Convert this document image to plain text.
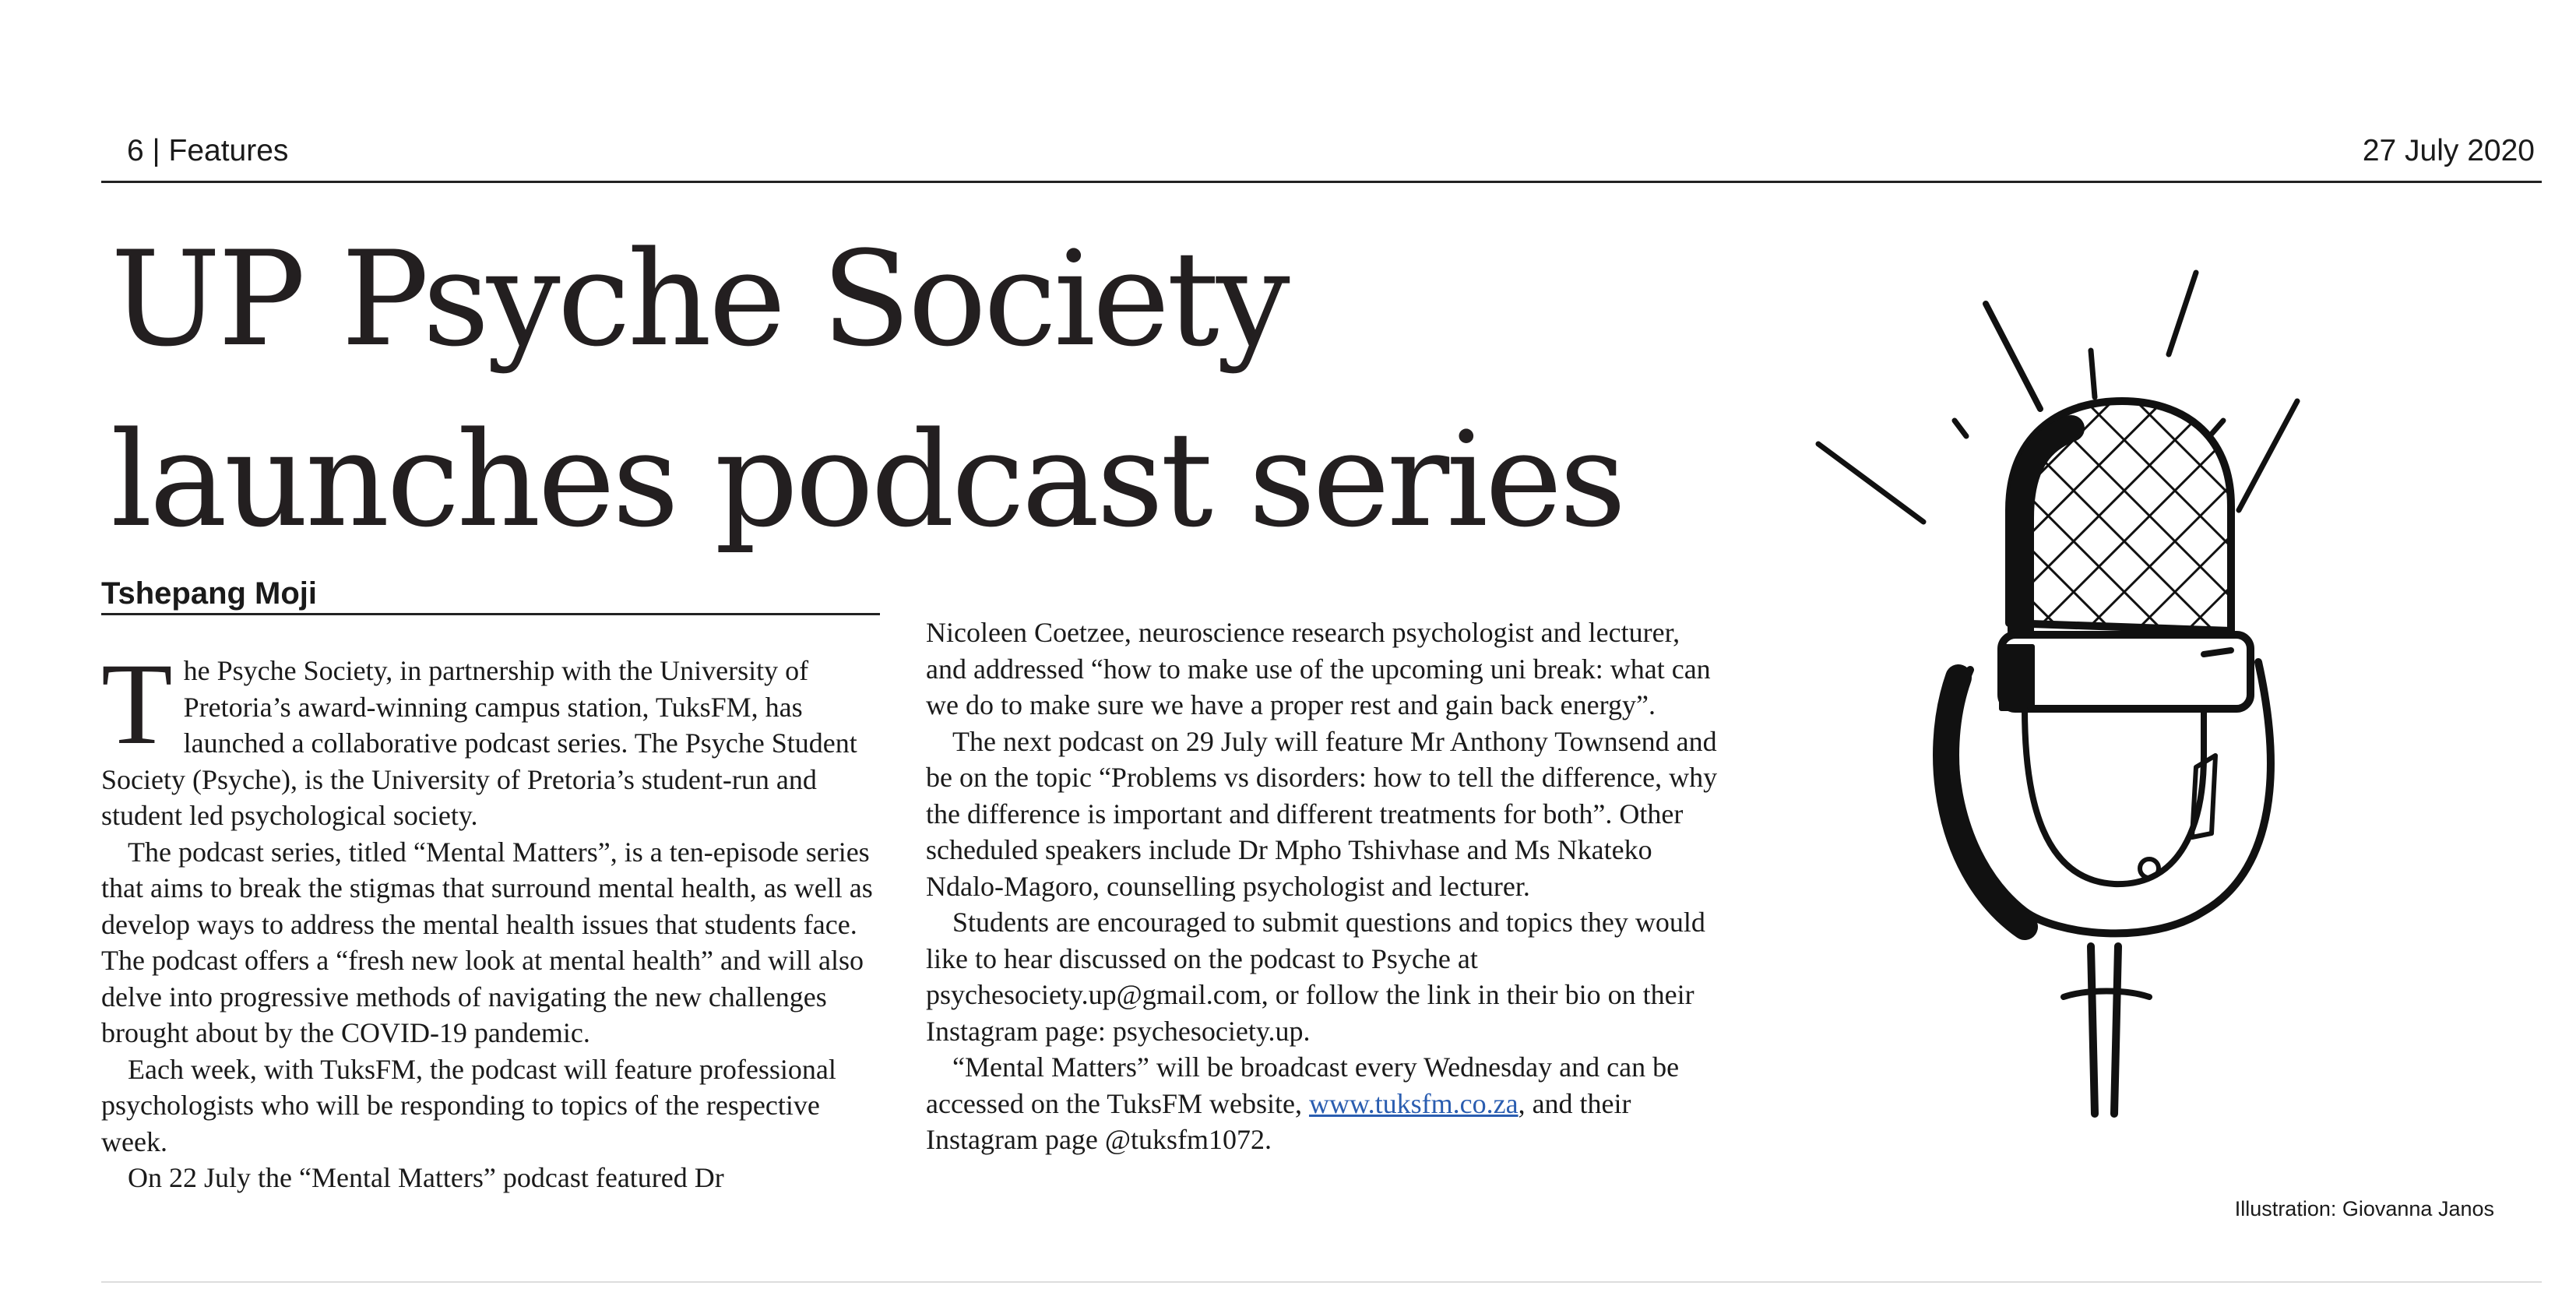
6 | Features	27 July 2020
UP Psyche Society
launches podcast series
Tshepang Moji

The Psyche Society, in partnership with the University of Pretoria’s award-winning campus station, TuksFM, has launched a collaborative podcast series. The Psyche Student Society (Psyche), is the University of Pretoria’s student-run and student led psychological society.

The podcast series, titled “Mental Matters”, is a ten-episode series that aims to break the stigmas that surround mental health, as well as develop ways to address the mental health issues that students face. The podcast offers a “fresh new look at mental health” and will also delve into progressive methods of navigating the new challenges brought about by the COVID-19 pandemic.

Each week, with TuksFM, the podcast will feature professional psychologists who will be responding to topics of the respective week.

On 22 July the “Mental Matters” podcast featured Dr

Nicoleen Coetzee, neuroscience research psychologist and lecturer, and addressed “how to make use of the upcoming uni break: what can we do to make sure we have a proper rest and gain back energy”.

The next podcast on 29 July will feature Mr Anthony Townsend and be on the topic “Problems vs disorders: how to tell the difference, why the difference is important and different treatments for both”. Other scheduled speakers include Dr Mpho Tshivhase and Ms Nkateko Ndalo-Magoro, counselling psychologist and lecturer.

Students are encouraged to submit questions and topics they would like to hear discussed on the podcast to Psyche at psychesociety.up@gmail.com, or follow the link in their bio on their Instagram page: psychesociety.up.

“Mental Matters” will be broadcast every Wednesday and can be accessed on the TuksFM website, www.tuksfm.co.za, and their Instagram page @tuksfm1072.

Illustration: Giovanna Janos
